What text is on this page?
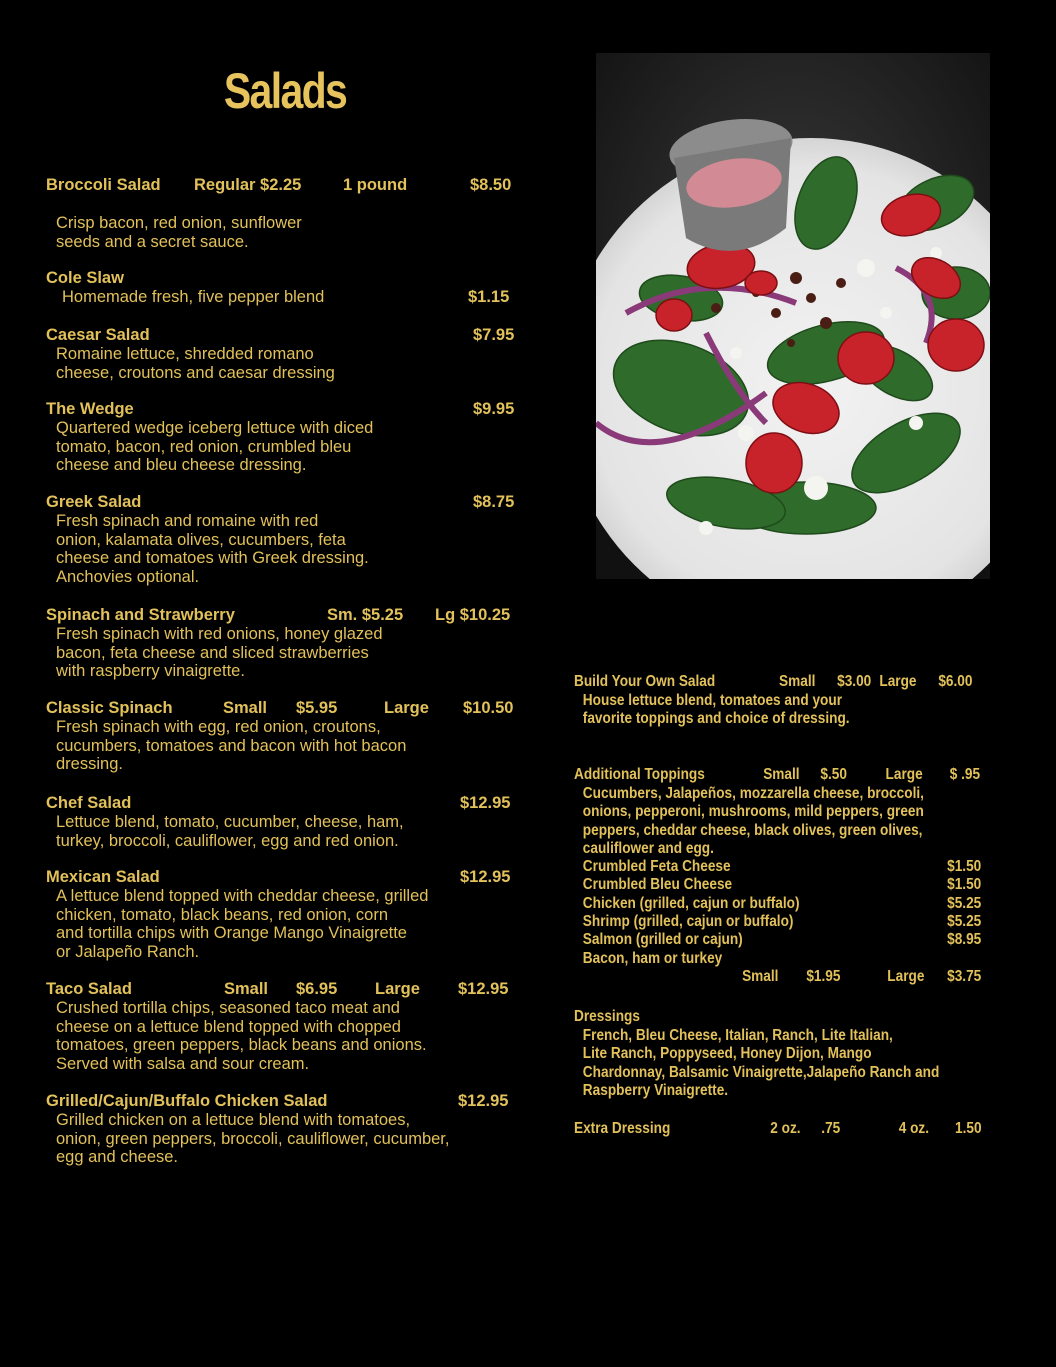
Salads
Broccoli Salad Regular $2.25	1 pound	$8.50
Crisp bacon, red onion, sunflower
seeds and a secret sauce.
Cole Slaw
Homemade fresh, five pepper blend	$1.15
Caesar Salad	$7.95
Romaine lettuce, shredded romano
cheese, croutons and caesar dressing
The Wedge	$9.95
Quartered wedge iceberg lettuce with diced
tomato, bacon, red onion, crumbled bleu
cheese and bleu cheese dressing.
Greek Salad	$8.75
Fresh spinach and romaine with red
onion, kalamata olives, cucumbers, feta
cheese and tomatoes with Greek dressing.
Anchovies optional.
Spinach and Strawberry	Sm. $5.25 Lg $10.25
Fresh spinach with red onions, honey glazed
bacon, feta cheese and sliced strawberries
with raspberry vinaigrette.
Classic Spinach	Small $5.95	Large $10.50
Fresh spinach with egg, red onion, croutons,
cucumbers, tomatoes and bacon with hot bacon
dressing.
Chef Salad	$12.95
Lettuce blend, tomato, cucumber, cheese, ham,
turkey, broccoli, cauliflower, egg and red onion.
Mexican Salad	$12.95
A lettuce blend topped with cheddar cheese, grilled
chicken, tomato, black beans, red onion, corn
and tortilla chips with Orange Mango Vinaigrette
or Jalapeño Ranch.
Taco Salad	Small $6.95 Large $12.95
Crushed tortilla chips, seasoned taco meat and
cheese on a lettuce blend topped with chopped
tomatoes, green peppers, black beans and onions.
Served with salsa and sour cream.
Grilled/Cajun/Buffalo Chicken Salad	$12.95
Grilled chicken on a lettuce blend with tomatoes,
onion, green peppers, broccoli, cauliflower, cucumber,
egg and cheese.
Build Your Own Salad	Small $3.00 Large $6.00
House lettuce blend, tomatoes and your
favorite toppings and choice of dressing.
Additional Toppings	Small $.50 Large $ .95
Cucumbers, Jalapeños, mozzarella cheese, broccoli,
onions, pepperoni, mushrooms, mild peppers, green
peppers, cheddar cheese, black olives, green olives,
cauliflower and egg.
Crumbled Feta Cheese	$1.50
Crumbled Bleu Cheese	$1.50
Chicken (grilled, cajun or buffalo)	$5.25
Shrimp (grilled, cajun or buffalo)	$5.25
Salmon (grilled or cajun)	$8.95
Bacon, ham or turkey
Small $1.95	Large $3.75
Dressings
French, Bleu Cheese, Italian, Ranch, Lite Italian,
Lite Ranch, Poppyseed, Honey Dijon, Mango
Chardonnay, Balsamic Vinaigrette,Jalapeño Ranch and
Raspberry Vinaigrette.
Extra Dressing	2 oz. .75	4 oz. 1.50
